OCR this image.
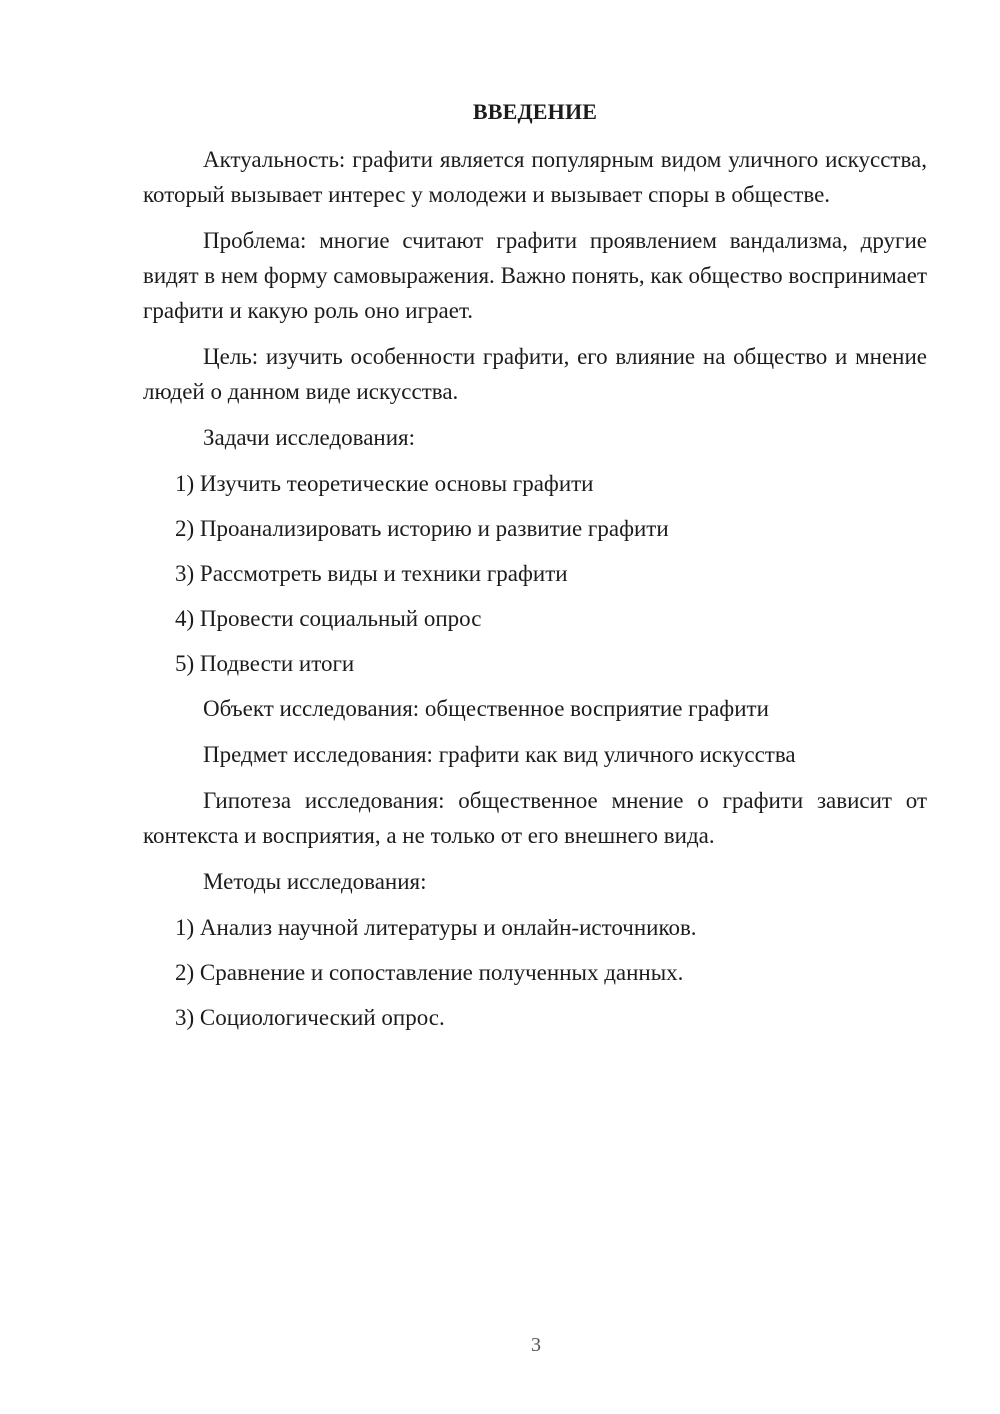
ВВЕДЕНИЕ

Актуальность: графити является популярным видом уличного искусства, который вызывает интерес у молодежи и вызывает споры в обществе.

Проблема: многие считают графити проявлением вандализма, другие видят в нем форму самовыражения. Важно понять, как общество воспринимает графити и какую роль оно играет.

Цель: изучить особенности графити, его влияние на общество и мнение людей о данном виде искусства.

Задачи исследования:

1) Изучить теоретические основы графити
2) Проанализировать историю и развитие графити
3) Рассмотреть виды и техники графити
4) Провести социальный опрос
5) Подвести итоги

Объект исследования: общественное восприятие графити

Предмет исследования: графити как вид уличного искусства

Гипотеза исследования: общественное мнение о графити зависит от контекста и восприятия, а не только от его внешнего вида.

Методы исследования:

1) Анализ научной литературы и онлайн-источников.
2) Сравнение и сопоставление полученных данных.
3) Социологический опрос.
3
